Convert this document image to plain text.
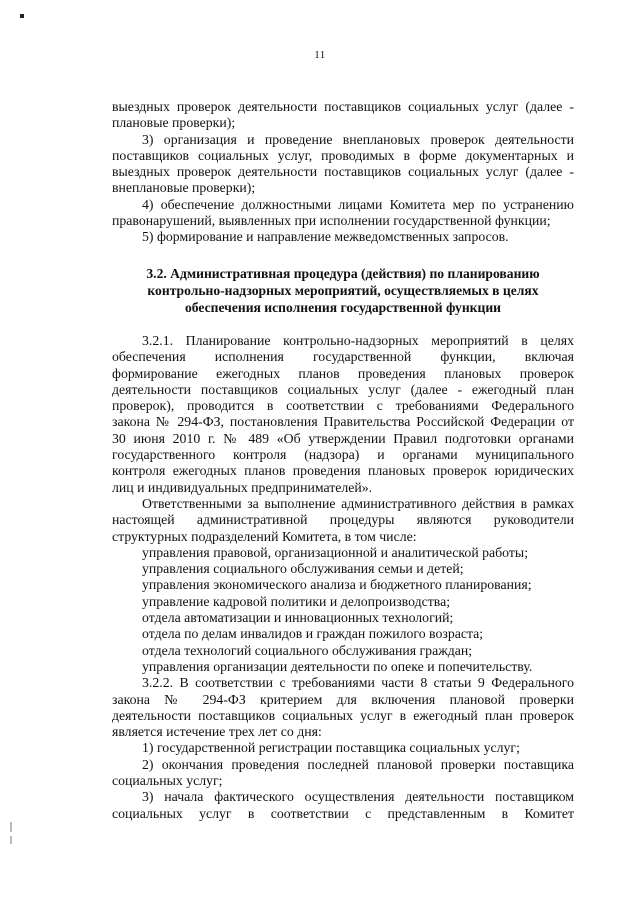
11

выездных проверок деятельности поставщиков социальных услуг (далее -

плановые проверки);

3) организация и проведение внеплановых проверок деятельности

поставщиков социальных услуг, проводимых в форме документарных и

выездных проверок деятельности поставщиков социальных услуг (далее -

внеплановые проверки);

4) обеспечение должностными лицами Комитета мер по устранению

правонарушений, выявленных при исполнении государственной функции;

5) формирование и направление межведомственных запросов.

3.2. Административная процедура (действия) по планированию

контрольно-надзорных мероприятий, осуществляемых в целях

обеспечения исполнения государственной функции

3.2.1. Планирование контрольно-надзорных мероприятий в целях

обеспечения исполнения государственной функции, включая

формирование ежегодных планов проведения плановых проверок

деятельности поставщиков социальных услуг (далее - ежегодный план

проверок), проводится в соответствии с требованиями Федерального

закона № 294-ФЗ, постановления Правительства Российской Федерации от

30 июня 2010 г. № 489 «Об утверждении Правил подготовки органами

государственного контроля (надзора) и органами муниципального

контроля ежегодных планов проведения плановых проверок юридических

лиц и индивидуальных предпринимателей».

Ответственными за выполнение административного действия в рамках

настоящей административной процедуры являются руководители

структурных подразделений Комитета, в том числе:

управления правовой, организационной и аналитической работы;

управления социального обслуживания семьи и детей;

управления экономического анализа и бюджетного планирования;

управление кадровой политики и делопроизводства;

отдела автоматизации и инновационных технологий;

отдела по делам инвалидов и граждан пожилого возраста;

отдела технологий социального обслуживания граждан;

управления организации деятельности по опеке и попечительству.

3.2.2. В соответствии с требованиями части 8 статьи 9 Федерального

закона № 294-ФЗ критерием для включения плановой проверки

деятельности поставщиков социальных услуг в ежегодный план проверок

является истечение трех лет со дня:

1) государственной регистрации поставщика социальных услуг;

2) окончания проведения последней плановой проверки поставщика

социальных услуг;

3) начала фактического осуществления деятельности поставщиком

социальных услуг в соответствии с представленным в Комитет
